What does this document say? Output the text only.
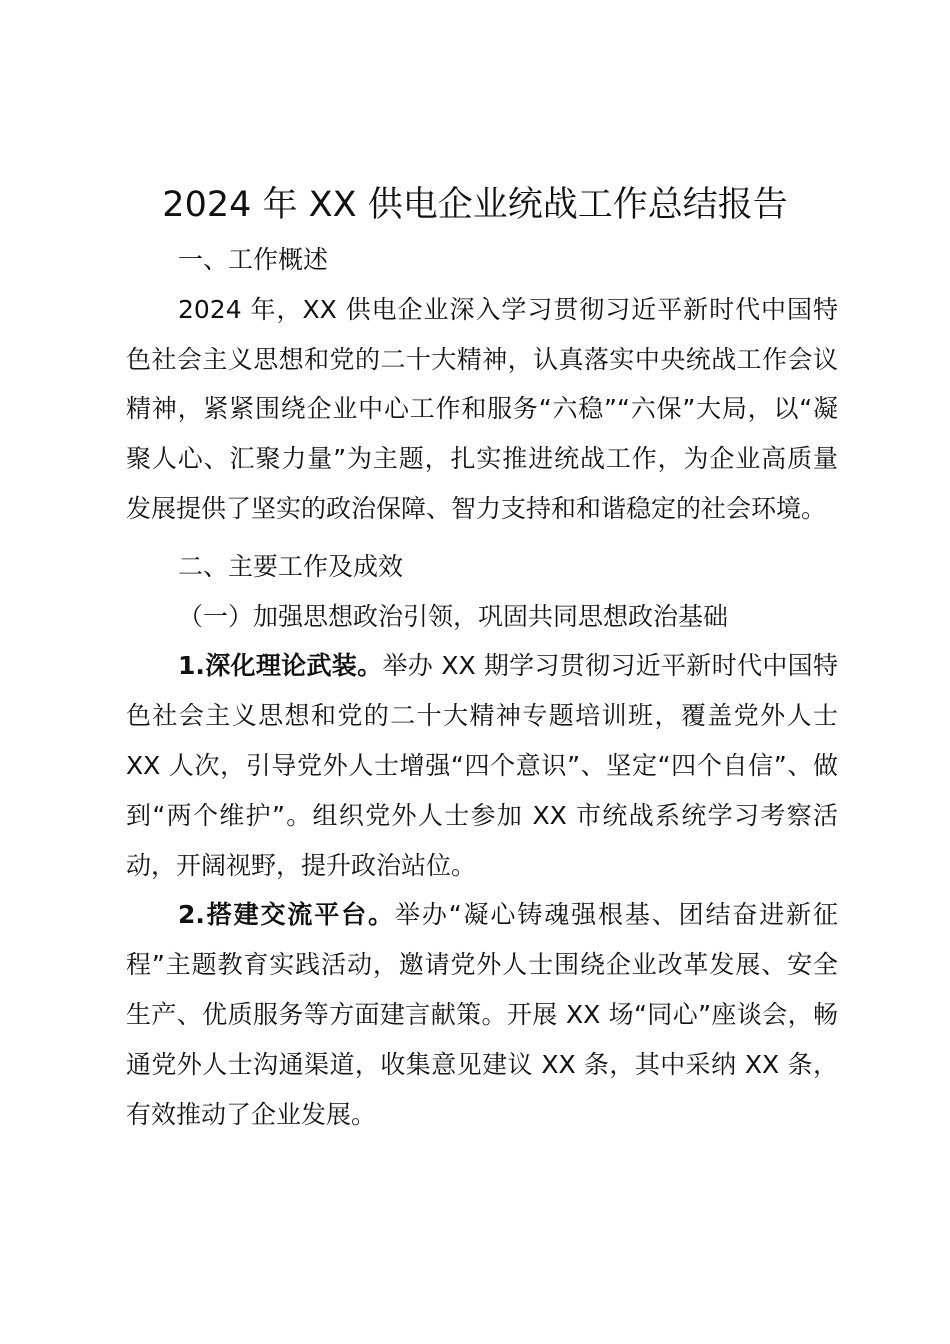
2024 年 XX 供电企业统战工作总结报告

一、工作概述

2024 年，XX 供电企业深入学习贯彻习近平新时代中国特色社会主义思想和党的二十大精神，认真落实中央统战工作会议精神，紧紧围绕企业中心工作和服务“六稳”“六保”大局，以“凝聚人心、汇聚力量”为主题，扎实推进统战工作，为企业高质量发展提供了坚实的政治保障、智力支持和和谐稳定的社会环境。

二、主要工作及成效

（一）加强思想政治引领，巩固共同思想政治基础

1.深化理论武装。举办 XX 期学习贯彻习近平新时代中国特色社会主义思想和党的二十大精神专题培训班，覆盖党外人士 XX 人次，引导党外人士增强“四个意识”、坚定“四个自信”、做到“两个维护”。组织党外人士参加 XX 市统战系统学习考察活动，开阔视野，提升政治站位。

2.搭建交流平台。举办“凝心铸魂强根基、团结奋进新征程”主题教育实践活动，邀请党外人士围绕企业改革发展、安全生产、优质服务等方面建言献策。开展 XX 场“同心”座谈会，畅通党外人士沟通渠道，收集意见建议 XX 条，其中采纳 XX 条，有效推动了企业发展。
